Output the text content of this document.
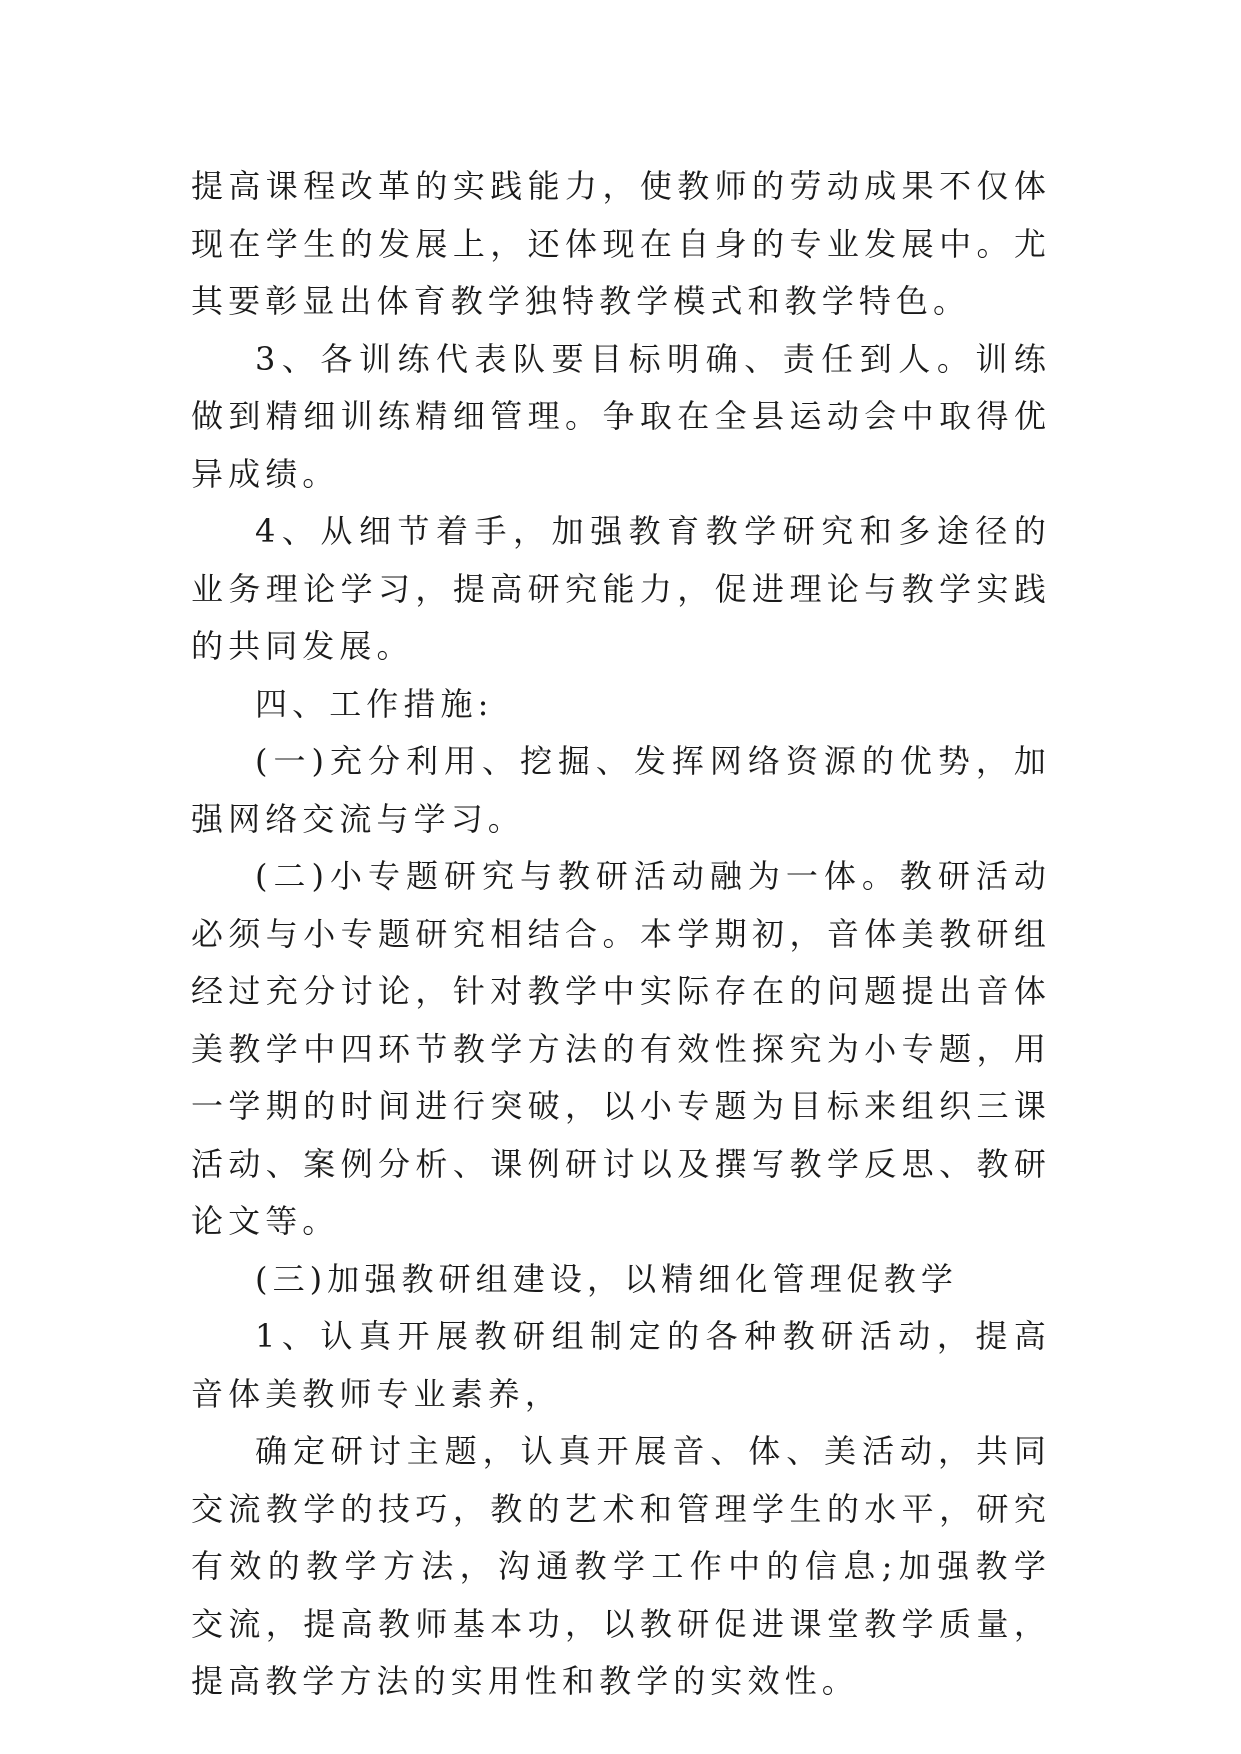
提高课程改革的实践能力，使教师的劳动成果不仅体现在学生的发展上，还体现在自身的专业发展中。尤其要彰显出体育教学独特教学模式和教学特色。

3、各训练代表队要目标明确、责任到人。训练做到精细训练精细管理。争取在全县运动会中取得优异成绩。

4、从细节着手，加强教育教学研究和多途径的业务理论学习，提高研究能力，促进理论与教学实践的共同发展。

四、工作措施:

(一)充分利用、挖掘、发挥网络资源的优势，加强网络交流与学习。

(二)小专题研究与教研活动融为一体。教研活动必须与小专题研究相结合。本学期初，音体美教研组经过充分讨论，针对教学中实际存在的问题提出音体美教学中四环节教学方法的有效性探究为小专题，用一学期的时间进行突破，以小专题为目标来组织三课活动、案例分析、课例研讨以及撰写教学反思、教研论文等。

(三)加强教研组建设，以精细化管理促教学

1、认真开展教研组制定的各种教研活动，提高音体美教师专业素养，

确定研讨主题，认真开展音、体、美活动，共同交流教学的技巧，教的艺术和管理学生的水平，研究有效的教学方法，沟通教学工作中的信息;加强教学交流，提高教师基本功，以教研促进课堂教学质量，提高教学方法的实用性和教学的实效性。
